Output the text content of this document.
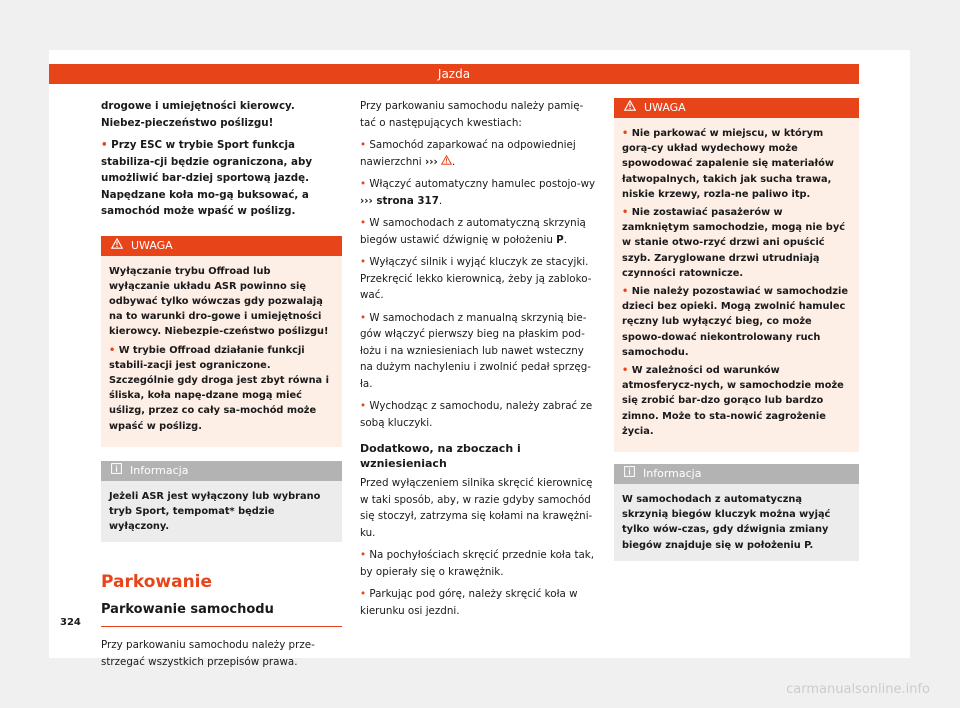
Jazda

drogowe i umiejętności kierowcy. Niebez-pieczeństwo poślizgu!

• Przy ESC w trybie Sport funkcja stabiliza-cji będzie ograniczona, aby umożliwić bar-dziej sportową jazdę. Napędzane koła mo-gą buksować, a samochód może wpaść w poślizg.

UWAGA

Wyłączanie trybu Offroad lub wyłączanie układu ASR powinno się odbywać tylko wówczas gdy pozwalają na to warunki dro-gowe i umiejętności kierowcy. Niebezpie-czeństwo poślizgu!

• W trybie Offroad działanie funkcji stabili-zacji jest ograniczone. Szczególnie gdy droga jest zbyt równa i śliska, koła napę-dzane mogą mieć uślizg, przez co cały sa-mochód może wpaść w poślizg.

Informacja

Jeżeli ASR jest wyłączony lub wybrano tryb Sport, tempomat* będzie wyłączony.

Parkowanie
Parkowanie samochodu

Przy parkowaniu samochodu należy prze-strzegać wszystkich przepisów prawa.

Przy parkowaniu samochodu należy pamię-tać o następujących kwestiach:

• Samochód zaparkować na odpowiedniej nawierzchni ››› .

• Włączyć automatyczny hamulec postojo-wy ››› strona 317.

• W samochodach z automatyczną skrzynią biegów ustawić dźwignię w położeniu P.

• Wyłączyć silnik i wyjąć kluczyk ze stacyjki. Przekręcić lekko kierownicą, żeby ją zabloko-wać.

• W samochodach z manualną skrzynią bie-gów włączyć pierwszy bieg na płaskim pod-łożu i na wzniesieniach lub nawet wsteczny na dużym nachyleniu i zwolnić pedał sprzęg-ła.

• Wychodząc z samochodu, należy zabrać ze sobą kluczyki.

Dodatkowo, na zboczach i wzniesieniach

Przed wyłączeniem silnika skręcić kierownicę w taki sposób, aby, w razie gdyby samochód się stoczył, zatrzyma się kołami na krawężni-ku.

• Na pochyłościach skręcić przednie koła tak, by opierały się o krawężnik.

• Parkując pod górę, należy skręcić koła w kierunku osi jezdni.

UWAGA

• Nie parkować w miejscu, w którym gorą-cy układ wydechowy może spowodować zapalenie się materiałów łatwopalnych, takich jak sucha trawa, niskie krzewy, rozla-ne paliwo itp.

• Nie zostawiać pasażerów w zamkniętym samochodzie, mogą nie być w stanie otwo-rzyć drzwi ani opuścić szyb. Zaryglowane drzwi utrudniają czynności ratownicze.

• Nie należy pozostawiać w samochodzie dzieci bez opieki. Mogą zwolnić hamulec ręczny lub wyłączyć bieg, co może spowo-dować niekontrolowany ruch samochodu.

• W zależności od warunków atmosferycz-nych, w samochodzie może się zrobić bar-dzo gorąco lub bardzo zimno. Może to sta-nowić zagrożenie życia.

Informacja

W samochodach z automatyczną skrzynią biegów kluczyk można wyjąć tylko wów-czas, gdy dźwignia zmiany biegów znajduje się w położeniu P.

324
carmanualsonline.info
